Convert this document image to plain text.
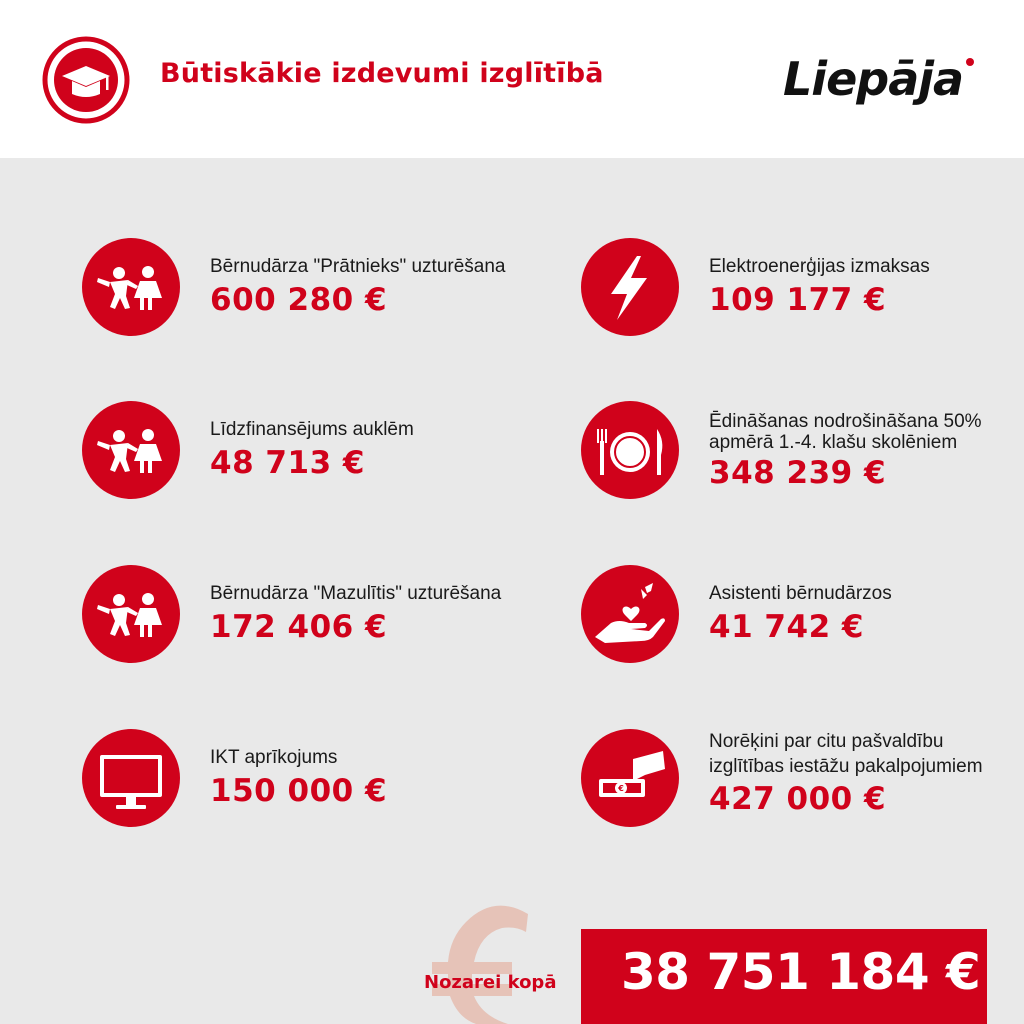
Būtiskākie izdevumi izglītībā	Liepāja
Bērnudārza "Prātnieks" uzturēšana
600 280 €
Elektroenerģijas izmaksas
109 177 €
Līdzfinansējums auklēm
48 713 €
Ēdināšanas nodrošināšana 50%
apmērā 1.-4. klašu skolēniem
348 239 €
Bērnudārza "Mazulītis" uzturēšana
172 406 €
Asistenti bērnudārzos
41 742 €
IKT aprīkojums
150 000 €	€
Norēķini par citu pašvaldību
izglītības iestāžu pakalpojumiem
427 000 €
Nozarei kopā 38 751 184 €
